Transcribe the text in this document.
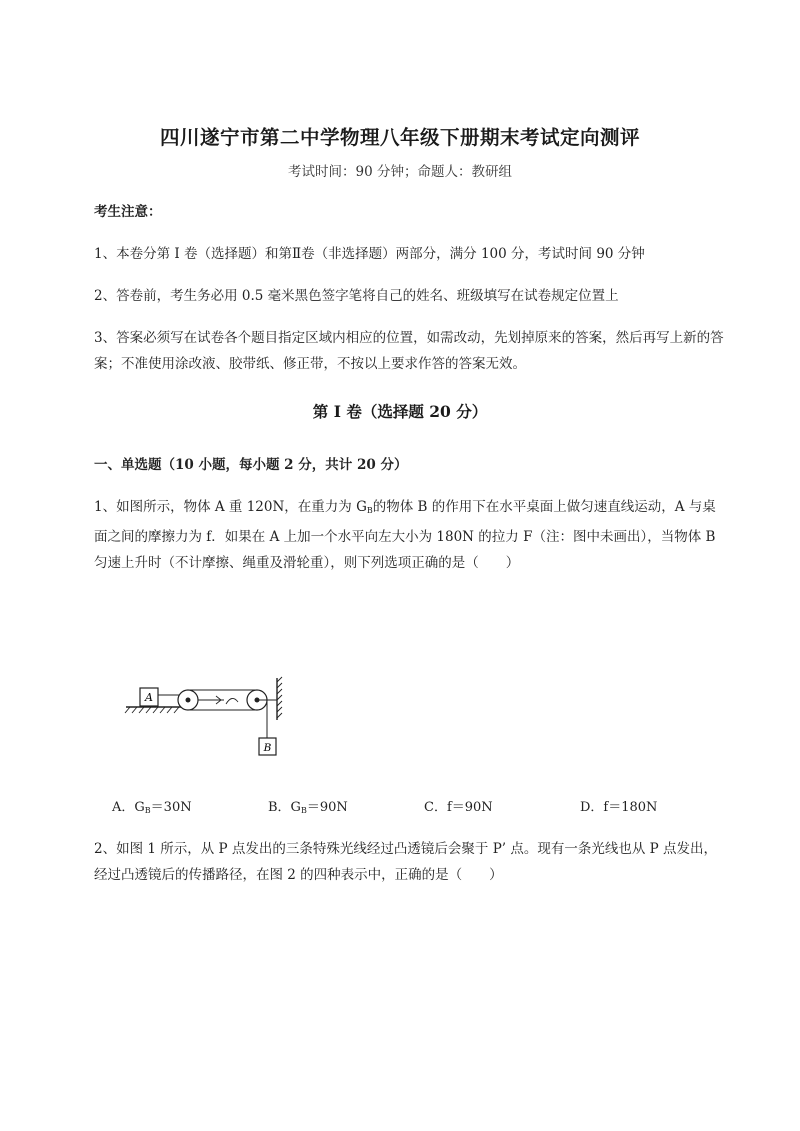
四川遂宁市第二中学物理八年级下册期末考试定向测评
考试时间：90 分钟；命题人：教研组
考生注意：
1、本卷分第 I 卷（选择题）和第Ⅱ卷（非选择题）两部分，满分 100 分，考试时间 90 分钟
2、答卷前，考生务必用 0.5 毫米黑色签字笔将自己的姓名、班级填写在试卷规定位置上
3、答案必须写在试卷各个题目指定区域内相应的位置，如需改动，先划掉原来的答案，然后再写上新的答案；不准使用涂改液、胶带纸、修正带，不按以上要求作答的答案无效。
第 I 卷（选择题 20 分）
一、单选题（10 小题，每小题 2 分，共计 20 分）
1、如图所示，物体 A 重 120N，在重力为 $G_B$的物体 B 的作用下在水平桌面上做匀速直线运动，A 与桌面之间的摩擦力为 f．如果在 A 上加一个水平向左大小为 180N 的拉力 F（注：图中未画出），当物体 B 匀速上升时（不计摩擦、绳重及滑轮重），则下列选项正确的是（　　）
A
B
A．$G_B=30N$	B．$G_B=90N$	C．f＝90N	D．f＝180N
2、如图 1 所示，从 P 点发出的三条特殊光线经过凸透镜后会聚于 P’ 点。现有一条光线也从 P 点发出，经过凸透镜后的传播路径，在图 2 的四种表示中，正确的是（　　）
